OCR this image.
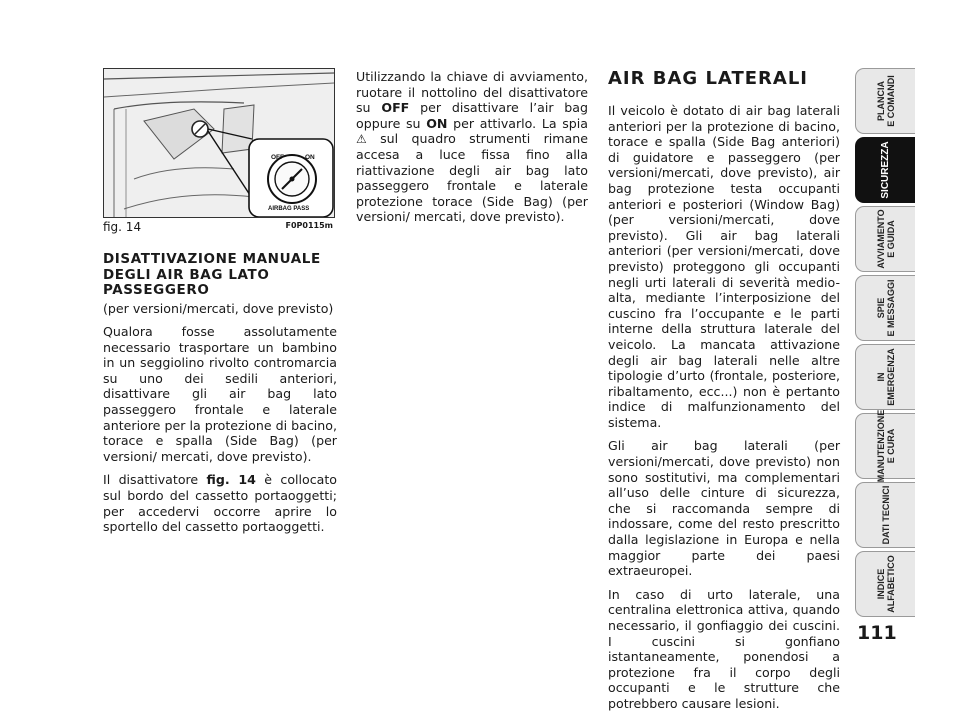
OFF	ON
AIRBAG PASS
fig. 14	F0P0115m
DISATTIVAZIONE MANUALE DEGLI AIR BAG LATO PASSEGGERO

(per versioni/mercati, dove previsto)

Qualora fosse assolutamente necessario trasportare un bambino in un seggiolino rivolto contromarcia su uno dei sedili anteriori, disattivare gli air bag lato passeggero frontale e laterale anteriore per la protezione di bacino, torace e spalla (Side Bag) (per versioni/ mercati, dove previsto).

Il disattivatore fig. 14 è collocato sul bordo del cassetto portaoggetti; per accedervi occorre aprire lo sportello del cassetto portaoggetti.

Utilizzando la chiave di avviamento, ruotare il nottolino del disattivatore su OFF per disattivare l’air bag oppure su ON per attivarlo. La spia ⚠ sul quadro strumenti rimane accesa a luce fissa fino alla riattivazione degli air bag lato passeggero frontale e laterale protezione torace (Side Bag) (per versioni/ mercati, dove previsto).

AIR BAG LATERALI

Il veicolo è dotato di air bag laterali anteriori per la protezione di bacino, torace e spalla (Side Bag anteriori) di guidatore e passeggero (per versioni/mercati, dove previsto), air bag protezione testa occupanti anteriori e posteriori (Window Bag) (per versioni/mercati, dove previsto). Gli air bag laterali anteriori (per versioni/mercati, dove previsto) proteggono gli occupanti negli urti laterali di severità medio-alta, mediante l’interposizione del cuscino fra l’occupante e le parti interne della struttura laterale del veicolo. La mancata attivazione degli air bag laterali nelle altre tipologie d’urto (frontale, posteriore, ribaltamento, ecc...) non è pertanto indice di malfunzionamento del sistema.

Gli air bag laterali (per versioni/mercati, dove previsto) non sono sostitutivi, ma complementari all’uso delle cinture di sicurezza, che si raccomanda sempre di indossare, come del resto prescritto dalla legislazione in Europa e nella maggior parte dei paesi extraeuropei.

In caso di urto laterale, una centralina elettronica attiva, quando necessario, il gonfiaggio dei cuscini. I cuscini si gonfiano istantaneamente, ponendosi a protezione fra il corpo degli occupanti e le strutture che potrebbero causare lesioni.

PLANCIA
E COMANDI
SICUREZZA
AVVIAMENTO
E GUIDA
SPIE
E MESSAGGI
IN
EMERGENZA
MANUTENZIONE
E CURA
DATI TECNICI
INDICE
ALFABETICO
111
